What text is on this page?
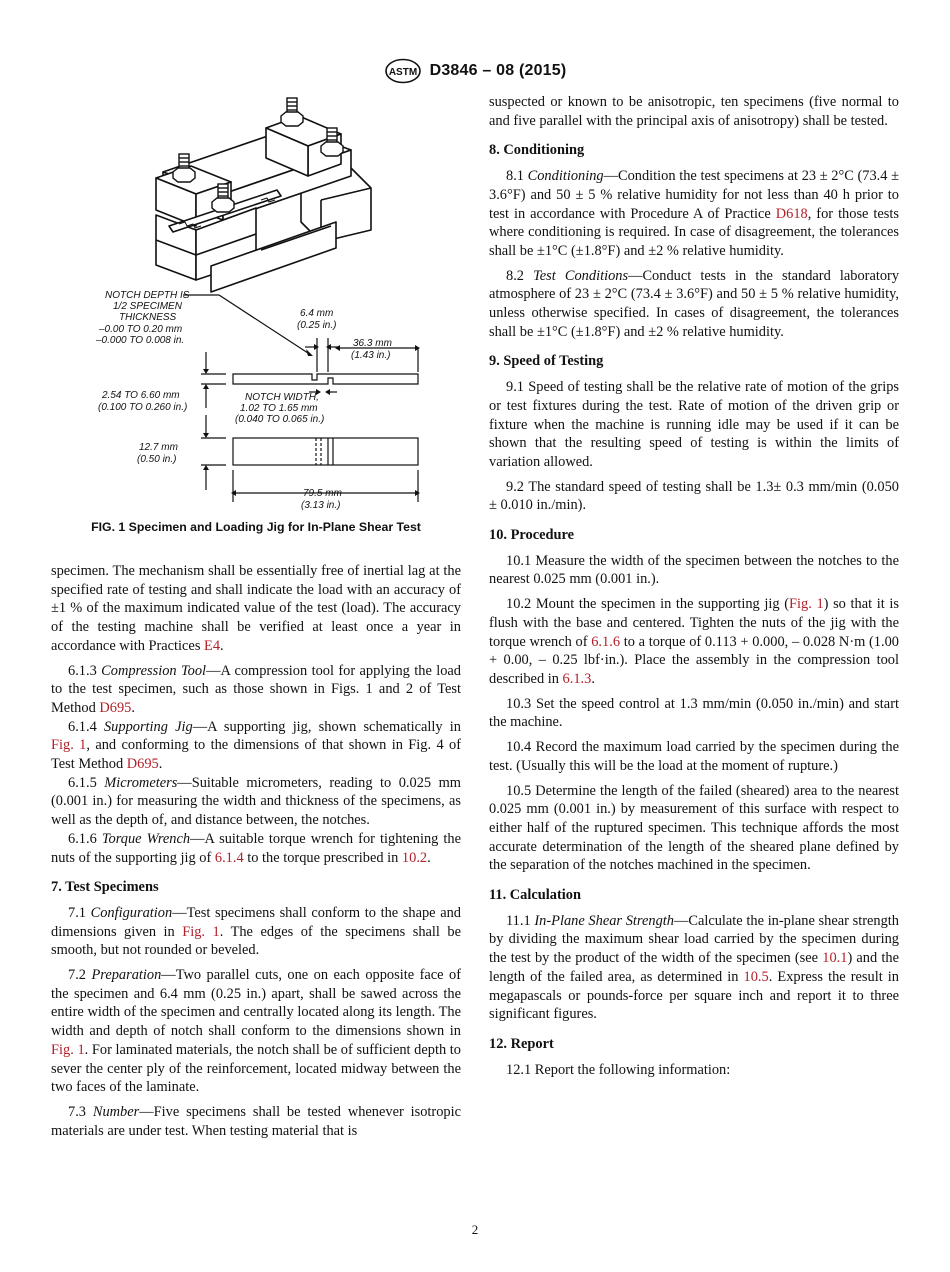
ASTM D3846 – 08 (2015)
NOTCH DEPTH IS
1/2 SPECIMEN
THICKNESS
–0.00 TO 0.20 mm
–0.000 TO 0.008 in.
6.4 mm
(0.25 in.)
36.3 mm
(1.43 in.)
2.54 TO 6.60 mm
(0.100 TO 0.260 in.)
NOTCH WIDTH,
1.02 TO 1.65 mm
(0.040 TO 0.065 in.)
12.7 mm
(0.50 in.)
79.5 mm
(3.13 in.)
FIG. 1 Specimen and Loading Jig for In-Plane Shear Test

specimen. The mechanism shall be essentially free of inertial lag at the specified rate of testing and shall indicate the load with an accuracy of ±1 % of the maximum indicated value of the test (load). The accuracy of the testing machine shall be verified at least once a year in accordance with Practices E4.

6.1.3 Compression Tool—A compression tool for applying the load to the test specimen, such as those shown in Figs. 1 and 2 of Test Method D695.

6.1.4 Supporting Jig—A supporting jig, shown schematically in Fig. 1, and conforming to the dimensions of that shown in Fig. 4 of Test Method D695.

6.1.5 Micrometers—Suitable micrometers, reading to 0.025 mm (0.001 in.) for measuring the width and thickness of the specimens, as well as the depth of, and distance between, the notches.

6.1.6 Torque Wrench—A suitable torque wrench for tightening the nuts of the supporting jig of 6.1.4 to the torque prescribed in 10.2.

7. Test Specimens

7.1 Configuration—Test specimens shall conform to the shape and dimensions given in Fig. 1. The edges of the specimens shall be smooth, but not rounded or beveled.

7.2 Preparation—Two parallel cuts, one on each opposite face of the specimen and 6.4 mm (0.25 in.) apart, shall be sawed across the entire width of the specimen and centrally located along its length. The width and depth of notch shall conform to the dimensions shown in Fig. 1. For laminated materials, the notch shall be of sufficient depth to sever the center ply of the reinforcement, located midway between the two faces of the laminate.

7.3 Number—Five specimens shall be tested whenever isotropic materials are under test. When testing material that is

suspected or known to be anisotropic, ten specimens (five normal to and five parallel with the principal axis of anisotropy) shall be tested.

8. Conditioning

8.1 Conditioning—Condition the test specimens at 23 ± 2°C (73.4 ± 3.6°F) and 50 ± 5 % relative humidity for not less than 40 h prior to test in accordance with Procedure A of Practice D618, for those tests where conditioning is required. In case of disagreement, the tolerances shall be ±1°C (±1.8°F) and ±2 % relative humidity.

8.2 Test Conditions—Conduct tests in the standard laboratory atmosphere of 23 ± 2°C (73.4 ± 3.6°F) and 50 ± 5 % relative humidity, unless otherwise specified. In cases of disagreement, the tolerances shall be ±1°C (±1.8°F) and ±2 % relative humidity.

9. Speed of Testing

9.1 Speed of testing shall be the relative rate of motion of the grips or test fixtures during the test. Rate of motion of the driven grip or fixture when the machine is running idle may be used if it can be shown that the resulting speed of testing is within the limits of variation allowed.

9.2 The standard speed of testing shall be 1.3± 0.3 mm/min (0.050 ± 0.010 in./min).

10. Procedure

10.1 Measure the width of the specimen between the notches to the nearest 0.025 mm (0.001 in.).

10.2 Mount the specimen in the supporting jig (Fig. 1) so that it is flush with the base and centered. Tighten the nuts of the jig with the torque wrench of 6.1.6 to a torque of 0.113 + 0.000, – 0.028 N·m (1.00 + 0.00, – 0.25 lbf·in.). Place the assembly in the compression tool described in 6.1.3.

10.3 Set the speed control at 1.3 mm/min (0.050 in./min) and start the machine.

10.4 Record the maximum load carried by the specimen during the test. (Usually this will be the load at the moment of rupture.)

10.5 Determine the length of the failed (sheared) area to the nearest 0.025 mm (0.001 in.) by measurement of this surface with respect to either half of the ruptured specimen. This technique affords the most accurate determination of the length of the sheared plane defined by the separation of the notches machined in the specimen.

11. Calculation

11.1 In-Plane Shear Strength—Calculate the in-plane shear strength by dividing the maximum shear load carried by the specimen during the test by the product of the width of the specimen (see 10.1) and the length of the failed area, as determined in 10.5. Express the result in megapascals or pounds-force per square inch and report it to three significant figures.

12. Report

12.1 Report the following information:

2
